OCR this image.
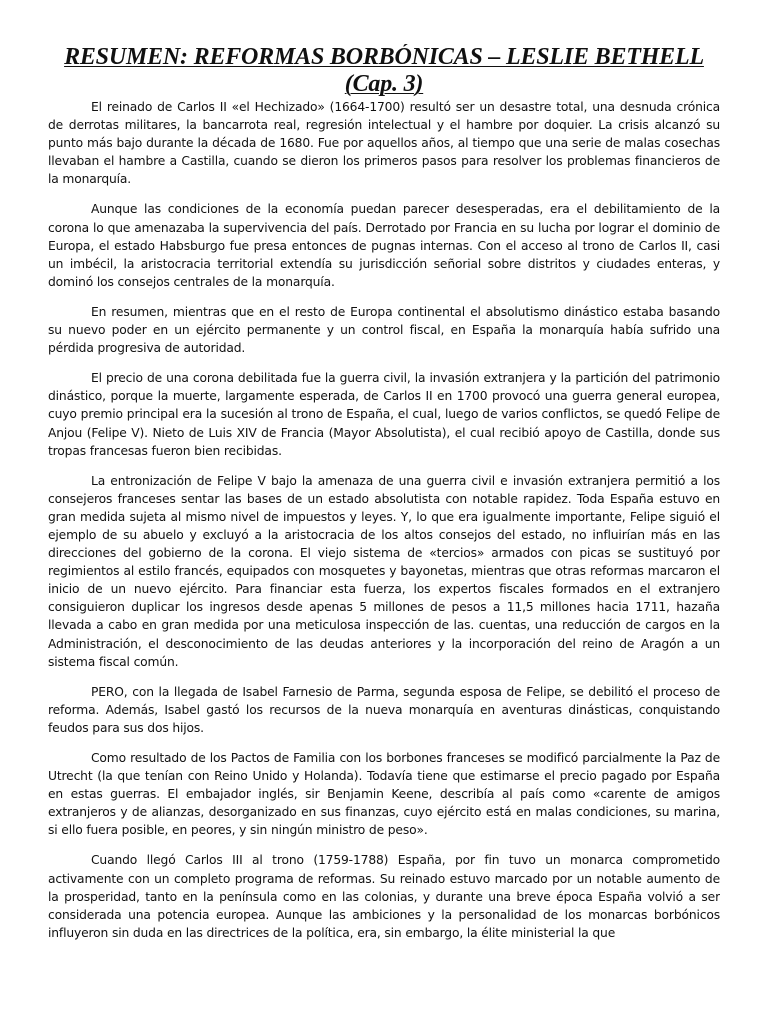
RESUMEN: REFORMAS BORBÓNICAS – LESLIE BETHELL
(Cap. 3)

El reinado de Carlos II «el Hechizado» (1664-1700) resultó ser un desastre total, una desnuda crónica de derrotas militares, la bancarrota real, regresión intelectual y el hambre por doquier. La crisis alcanzó su punto más bajo durante la década de 1680. Fue por aquellos años, al tiempo que una serie de malas cosechas llevaban el hambre a Castilla, cuando se dieron los primeros pasos para resolver los problemas financieros de la monarquía.

Aunque las condiciones de la economía puedan parecer desesperadas, era el debilitamiento de la corona lo que amenazaba la supervivencia del país. Derrotado por Francia en su lucha por lograr el dominio de Europa, el estado Habsburgo fue presa entonces de pugnas internas. Con el acceso al trono de Carlos II, casi un imbécil, la aristocracia territorial extendía su jurisdicción señorial sobre distritos y ciudades enteras, y dominó los consejos centrales de la monarquía.

En resumen, mientras que en el resto de Europa continental el absolutismo dinástico estaba basando su nuevo poder en un ejército permanente y un control fiscal, en España la monarquía había sufrido una pérdida progresiva de autoridad.

El precio de una corona debilitada fue la guerra civil, la invasión extranjera y la partición del patrimonio dinástico, porque la muerte, largamente esperada, de Carlos II en 1700 provocó una guerra general europea, cuyo premio principal era la sucesión al trono de España, el cual, luego de varios conflictos, se quedó Felipe de Anjou (Felipe V). Nieto de Luis XIV de Francia (Mayor Absolutista), el cual recibió apoyo de Castilla, donde sus tropas francesas fueron bien recibidas.

La entronización de Felipe V bajo la amenaza de una guerra civil e invasión extranjera permitió a los consejeros franceses sentar las bases de un estado absolutista con notable rapidez. Toda España estuvo en gran medida sujeta al mismo nivel de impuestos y leyes. Y, lo que era igualmente importante, Felipe siguió el ejemplo de su abuelo y excluyó a la aristocracia de los altos consejos del estado, no influirían más en las direcciones del gobierno de la corona. El viejo sistema de «tercios» armados con picas se sustituyó por regimientos al estilo francés, equipados con mosquetes y bayonetas, mientras que otras reformas marcaron el inicio de un nuevo ejército. Para financiar esta fuerza, los expertos fiscales formados en el extranjero consiguieron duplicar los ingresos desde apenas 5 millones de pesos a 11,5 millones hacia 1711, hazaña llevada a cabo en gran medida por una meticulosa inspección de las. cuentas, una reducción de cargos en la Administración, el desconocimiento de las deudas anteriores y la incorporación del reino de Aragón a un sistema fiscal común.

PERO, con la llegada de Isabel Farnesio de Parma, segunda esposa de Felipe, se debilitó el proceso de reforma. Además, Isabel gastó los recursos de la nueva monarquía en aventuras dinásticas, conquistando feudos para sus dos hijos.

Como resultado de los Pactos de Familia con los borbones franceses se modificó parcialmente la Paz de Utrecht (la que tenían con Reino Unido y Holanda). Todavía tiene que estimarse el precio pagado por España en estas guerras. El embajador inglés, sir Benjamin Keene, describía al país como «carente de amigos extranjeros y de alianzas, desorganizado en sus finanzas, cuyo ejército está en malas condiciones, su marina, si ello fuera posible, en peores, y sin ningún ministro de peso».

Cuando llegó Carlos III al trono (1759-1788) España, por fin tuvo un monarca comprometido activamente con un completo programa de reformas. Su reinado estuvo marcado por un notable aumento de la prosperidad, tanto en la península como en las colonias, y durante una breve época España volvió a ser considerada una potencia europea. Aunque las ambiciones y la personalidad de los monarcas borbónicos influyeron sin duda en las directrices de la política, era, sin embargo, la élite ministerial la que
